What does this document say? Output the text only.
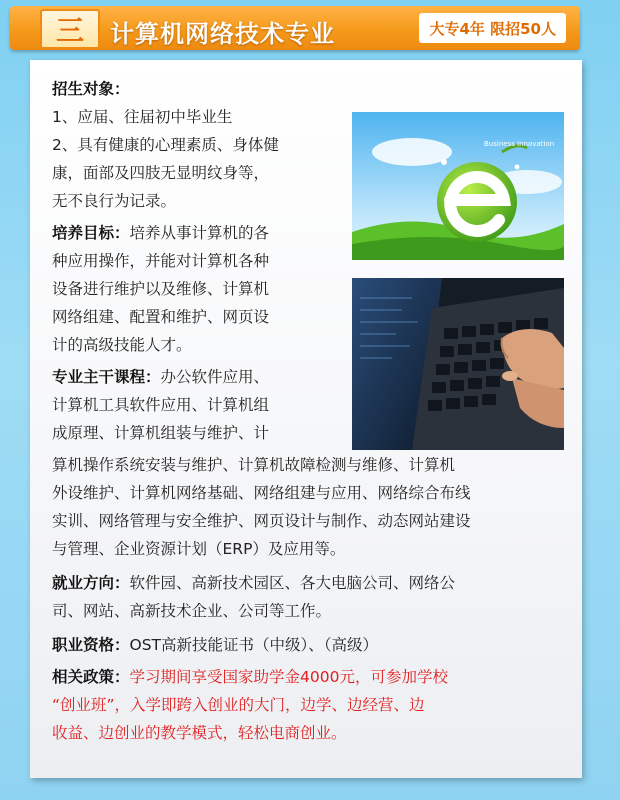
三	计算机网络技术专业	大专4年 限招50人
Business Innovation
招生对象：
1、应届、往届初中毕业生
2、具有健康的心理素质、身体健
康，面部及四肢无显明纹身等，
无不良行为记录。
培养目标：培养从事计算机的各
种应用操作，并能对计算机各种
设备进行维护以及维修、计算机
网络组建、配置和维护、网页设
计的高级技能人才。
专业主干课程：办公软件应用、
计算机工具软件应用、计算机组
成原理、计算机组装与维护、计
算机操作系统安装与维护、计算机故障检测与维修、计算机
外设维护、计算机网络基础、网络组建与应用、网络综合布线
实训、网络管理与安全维护、网页设计与制作、动态网站建设
与管理、企业资源计划（ERP）及应用等。
就业方向：软件园、高新技术园区、各大电脑公司、网络公
司、网站、高新技术企业、公司等工作。
职业资格：OST高新技能证书（中级）、（高级）
相关政策：学习期间享受国家助学金4000元，可参加学校
“创业班”，入学即跨入创业的大门，边学、边经营、边
收益、边创业的教学模式，轻松电商创业。
